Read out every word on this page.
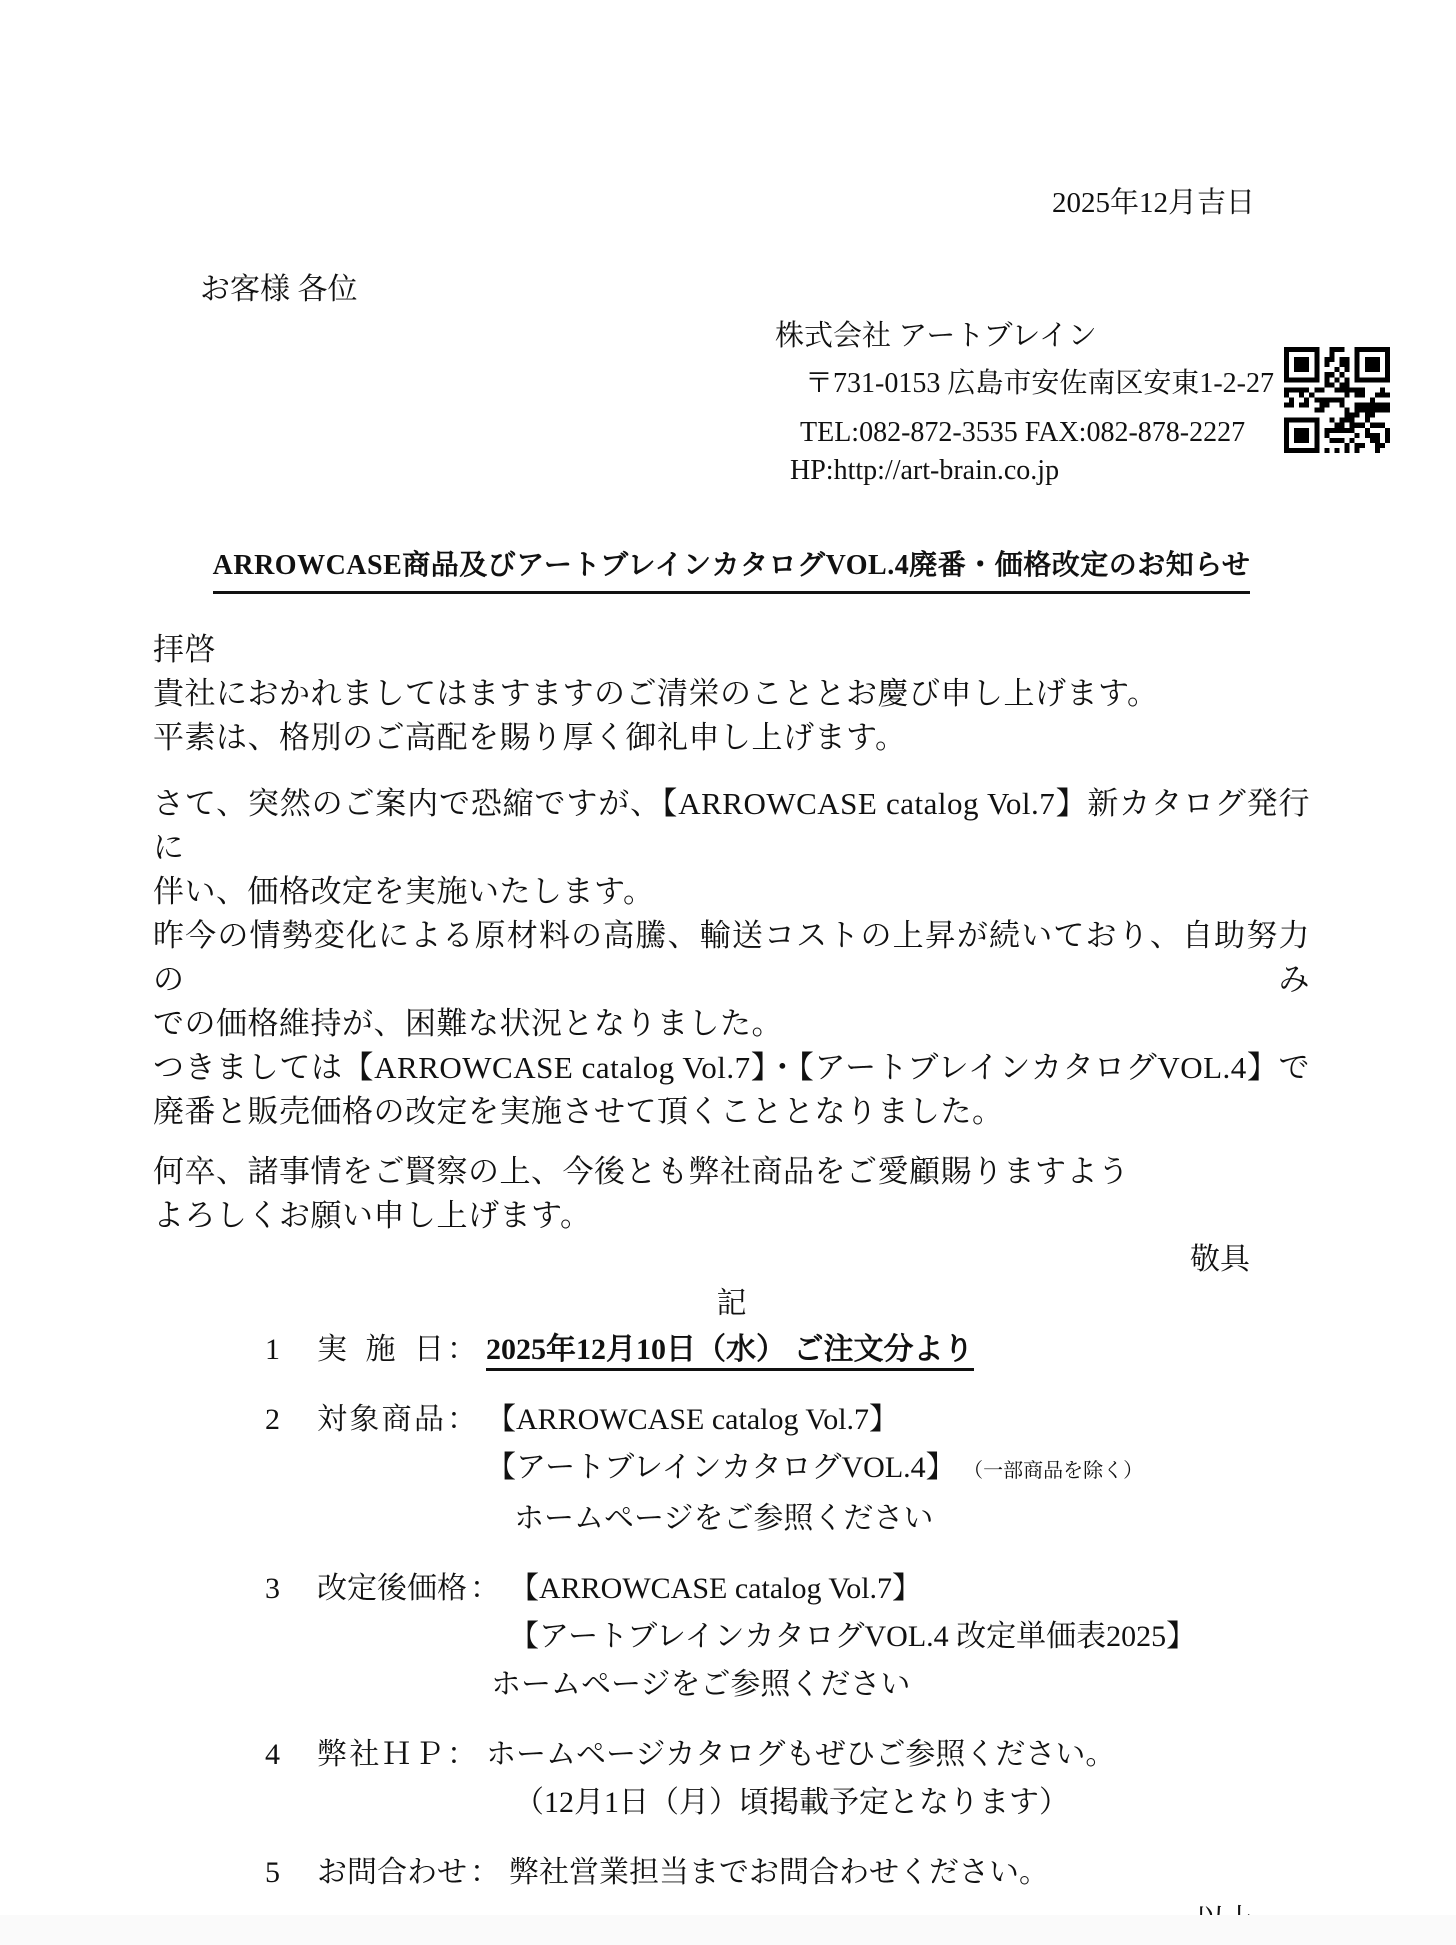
2025年12月吉日
お客様 各位
株式会社 アートブレイン
〒731-0153 広島市安佐南区安東1-2-27
TEL:082-872-3535 FAX:082-878-2227
HP:http://art-brain.co.jp
ARROWCASE商品及びアートブレインカタログVOL.4廃番・価格改定のお知らせ
拝啓
貴社におかれましてはますますのご清栄のこととお慶び申し上げます。
平素は、格別のご高配を賜り厚く御礼申し上げます。
さて、突然のご案内で恐縮ですが、【ARROWCASE catalog Vol.7】新カタログ発行に
伴い、価格改定を実施いたします。
昨今の情勢変化による原材料の高騰、輸送コストの上昇が続いており、自助努力のみ
での価格維持が、困難な状況となりました。
つきましては【ARROWCASE catalog Vol.7】・【アートブレインカタログVOL.4】で
廃番と販売価格の改定を実施させて頂くこととなりました。
何卒、諸事情をご賢察の上、今後とも弊社商品をご愛顧賜りますよう
よろしくお願い申し上げます。
敬具
記
1	実 施 日 ： 2025年12月10日（水） ご注文分より
2	対象商品 ： 【ARROWCASE catalog Vol.7】
【アートブレインカタログVOL.4】 （一部商品を除く）
ホームページをご参照ください
3	改定後価格 ： 【ARROWCASE catalog Vol.7】
【アートブレインカタログVOL.4 改定単価表2025】
ホームページをご参照ください
4	弊社ＨＰ ： ホームページカタログもぜひご参照ください。
（12月1日（月）頃掲載予定となります）
5	お問合わせ ： 弊社営業担当までお問合わせください。
